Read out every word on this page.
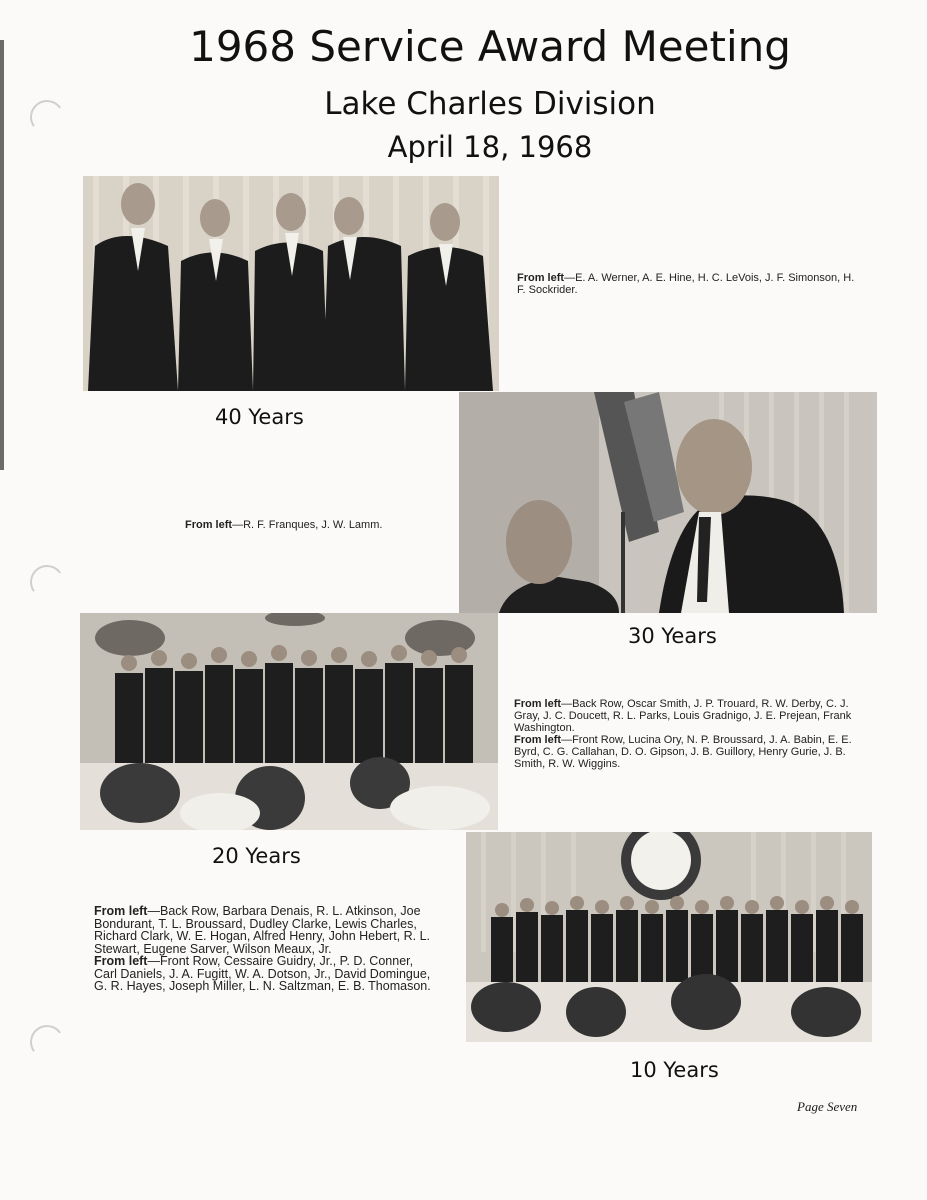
1968 Service Award Meeting
Lake Charles Division
April 18, 1968

From left—E. A. Werner, A. E. Hine, H. C. LeVois, J. F. Simonson, H. F. Sockrider.

40 Years

From left—R. F. Franques, J. W. Lamm.

30 Years

From left—Back Row, Oscar Smith, J. P. Trouard, R. W. Derby, C. J. Gray, J. C. Doucett, R. L. Parks, Louis Gradnigo, J. E. Prejean, Frank Washington.

From left—Front Row, Lucina Ory, N. P. Broussard, J. A. Babin, E. E. Byrd, C. G. Callahan, D. O. Gipson, J. B. Guillory, Henry Gurie, J. B. Smith, R. W. Wiggins.

20 Years

From left—Back Row, Barbara Denais, R. L. Atkinson, Joe Bondurant, T. L. Broussard, Dudley Clarke, Lewis Charles, Richard Clark, W. E. Hogan, Alfred Henry, John Hebert, R. L. Stewart, Eugene Sarver, Wilson Meaux, Jr.

From left—Front Row, Cessaire Guidry, Jr., P. D. Conner, Carl Daniels, J. A. Fugitt, W. A. Dotson, Jr., David Domingue, G. R. Hayes, Joseph Miller, L. N. Saltzman, E. B. Thomason.

10 Years
Page Seven
